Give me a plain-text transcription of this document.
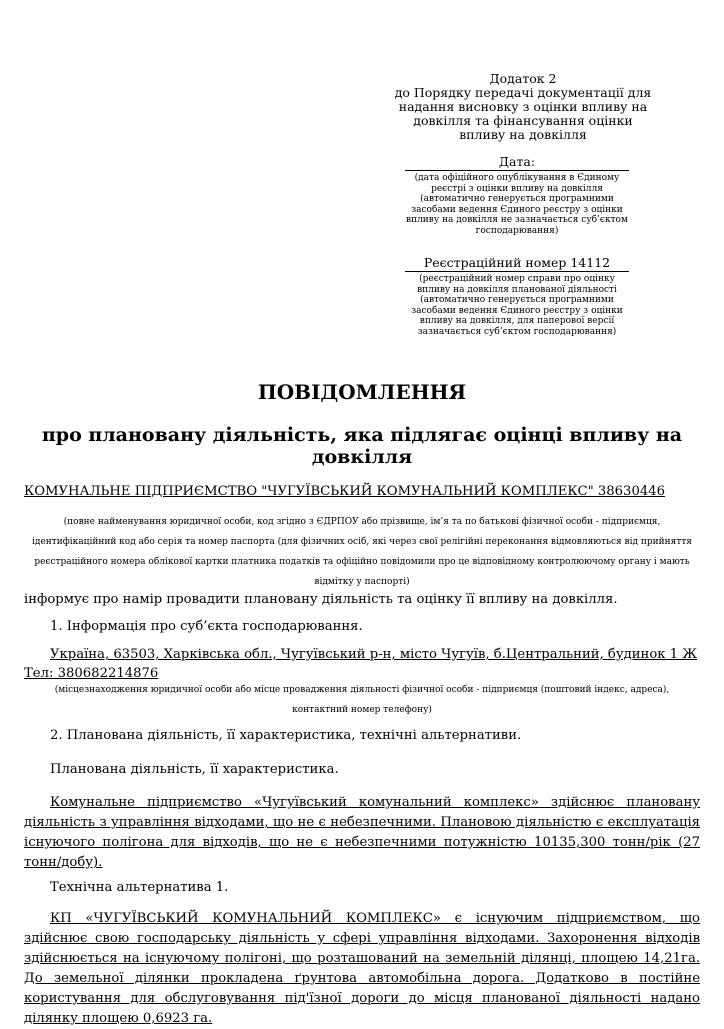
Додаток 2
до Порядку передачі документації для
надання висновку з оцінки впливу на
довкілля та фінансування оцінки
впливу на довкілля
Дата:
(дата офіційного опублікування в Єдиному реєстрі з оцінки впливу на довкілля (автоматично генерується програмними засобами ведення Єдиного реєстру з оцінки впливу на довкілля не зазначається суб’єктом господарювання)
Реєстраційний номер 14112
(реєстраційний номер справи про оцінку впливу на довкілля планованої діяльності (автоматично генерується програмними засобами ведення Єдиного реєстру з оцінки впливу на довкілля, для паперової версії зазначається суб’єктом господарювання)
ПОВІДОМЛЕННЯ
про плановану діяльність, яка підлягає оцінці впливу на довкілля
КОМУНАЛЬНЕ ПІДПРИЄМСТВО "ЧУГУЇВСЬКИЙ КОМУНАЛЬНИЙ КОМПЛЕКС" 38630446
(повне найменування юридичної особи, код згідно з ЄДРПОУ або прізвище, ім’я та по батькові фізичної особи - підприємця, ідентифікаційний код або серія та номер паспорта (для фізичних осіб, які через свої релігійні переконання відмовляються від прийняття реєстраційного номера облікової картки платника податків та офіційно повідомили про це відповідному контролюючому органу і мають відмітку у паспорті)
інформує про намір провадити плановану діяльність та оцінку її впливу на довкілля.
1. Інформація про суб’єкта господарювання.
Україна, 63503, Харківська обл., Чугуївський р-н, місто Чугуїв, б.Центральний, будинок 1 Ж
Тел: 380682214876
(місцезнаходження юридичної особи або місце провадження діяльності фізичної особи - підприємця (поштовий індекс, адреса), контактний номер телефону)
2. Планована діяльність, її характеристика, технічні альтернативи.
Планована діяльність, її характеристика.
Комунальне підприємство «Чугуївський комунальний комплекс» здійснює плановану діяльність з управління відходами, що не є небезпечними. Плановою діяльністю є експлуатація існуючого полігона для відходів, що не є небезпечними потужністю 10135,300 тонн/рік (27 тонн/добу).
Технічна альтернатива 1.
КП «ЧУГУЇВСЬКИЙ КОМУНАЛЬНИЙ КОМПЛЕКС» є існуючим підприємством, що здійснює свою господарську діяльність у сфері управління відходами. Захоронення відходів здійснюється на існуючому полігоні, що розташований на земельній ділянці, площею 14,21га. До земельної ділянки прокладена ґрунтова автомобільна дорога. Додатково в постійне користування для обслуговування під'їзної дороги до місця планованої діяльності надано ділянку площею 0,6923 га.
